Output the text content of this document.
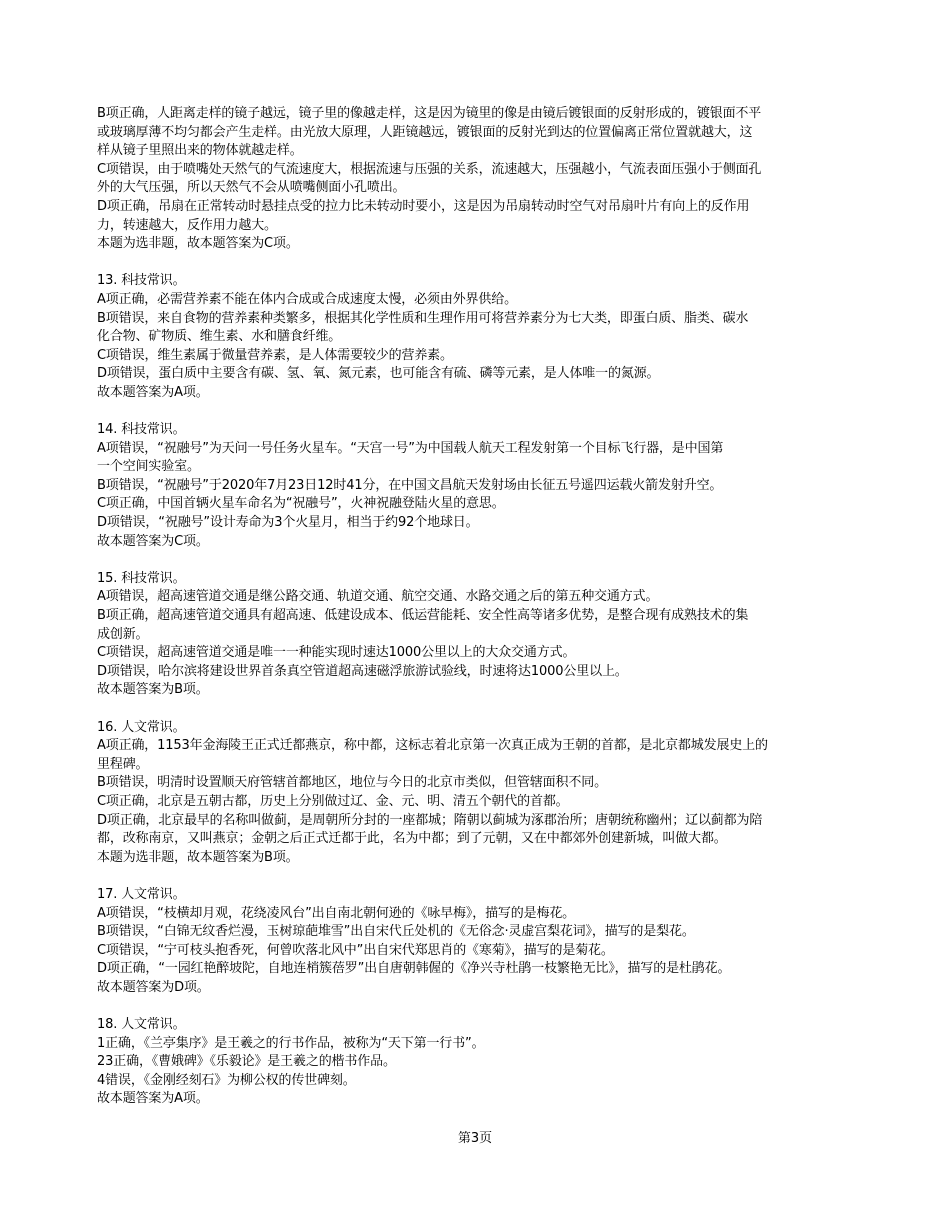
B项正确，人距离走样的镜子越远，镜子里的像越走样，这是因为镜里的像是由镜后镀银面的反射形成的，镀银面不平
或玻璃厚薄不均匀都会产生走样。由光放大原理，人距镜越远，镀银面的反射光到达的位置偏离正常位置就越大，这
样从镜子里照出来的物体就越走样。
C项错误，由于喷嘴处天然气的气流速度大，根据流速与压强的关系，流速越大，压强越小，气流表面压强小于侧面孔
外的大气压强，所以天然气不会从喷嘴侧面小孔喷出。
D项正确，吊扇在正常转动时悬挂点受的拉力比未转动时要小，这是因为吊扇转动时空气对吊扇叶片有向上的反作用
力，转速越大，反作用力越大。
本题为选非题，故本题答案为C项。
13. 科技常识。
A项正确，必需营养素不能在体内合成或合成速度太慢，必须由外界供给。
B项错误，来自食物的营养素种类繁多，根据其化学性质和生理作用可将营养素分为七大类，即蛋白质、脂类、碳水
化合物、矿物质、维生素、水和膳食纤维。
C项错误，维生素属于微量营养素，是人体需要较少的营养素。
D项错误，蛋白质中主要含有碳、氢、氧、氮元素，也可能含有硫、磷等元素，是人体唯一的氮源。
故本题答案为A项。
14. 科技常识。
A项错误，“祝融号”为天问一号任务火星车。“天宫一号”为中国载人航天工程发射第一个目标飞行器，是中国第
一个空间实验室。
B项错误，“祝融号”于2020年7月23日12时41分，在中国文昌航天发射场由长征五号遥四运载火箭发射升空。
C项正确，中国首辆火星车命名为“祝融号”，火神祝融登陆火星的意思。
D项错误，“祝融号”设计寿命为3个火星月，相当于约92个地球日。
故本题答案为C项。
15. 科技常识。
A项错误，超高速管道交通是继公路交通、轨道交通、航空交通、水路交通之后的第五种交通方式。
B项正确，超高速管道交通具有超高速、低建设成本、低运营能耗、安全性高等诸多优势，是整合现有成熟技术的集
成创新。
C项错误，超高速管道交通是唯一一种能实现时速达1000公里以上的大众交通方式。
D项错误，哈尔滨将建设世界首条真空管道超高速磁浮旅游试验线，时速将达1000公里以上。
故本题答案为B项。
16. 人文常识。
A项正确，1153年金海陵王正式迁都燕京，称中都，这标志着北京第一次真正成为王朝的首都，是北京都城发展史上的
里程碑。
B项错误，明清时设置顺天府管辖首都地区，地位与今日的北京市类似，但管辖面积不同。
C项正确，北京是五朝古都，历史上分别做过辽、金、元、明、清五个朝代的首都。
D项正确，北京最早的名称叫做蓟，是周朝所分封的一座都城；隋朝以蓟城为涿郡治所；唐朝统称幽州；辽以蓟都为陪
都，改称南京，又叫燕京；金朝之后正式迁都于此，名为中都；到了元朝，又在中都郊外创建新城，叫做大都。
本题为选非题，故本题答案为B项。
17. 人文常识。
A项错误，“枝横却月观，花绕凌风台”出自南北朝何逊的《咏早梅》，描写的是梅花。
B项错误，“白锦无纹香烂漫，玉树琼葩堆雪”出自宋代丘处机的《无俗念·灵虚宫梨花词》，描写的是梨花。
C项错误，“宁可枝头抱香死，何曾吹落北风中”出自宋代郑思肖的《寒菊》，描写的是菊花。
D项正确，“一园红艳醉坡陀，自地连梢簇蓓罗”出自唐朝韩偓的《净兴寺杜鹃一枝繁艳无比》，描写的是杜鹃花。
故本题答案为D项。
18. 人文常识。
1正确，《兰亭集序》是王羲之的行书作品，被称为“天下第一行书”。
23正确，《曹娥碑》《乐毅论》是王羲之的楷书作品。
4错误，《金刚经刻石》为柳公权的传世碑刻。
故本题答案为A项。
第3页
